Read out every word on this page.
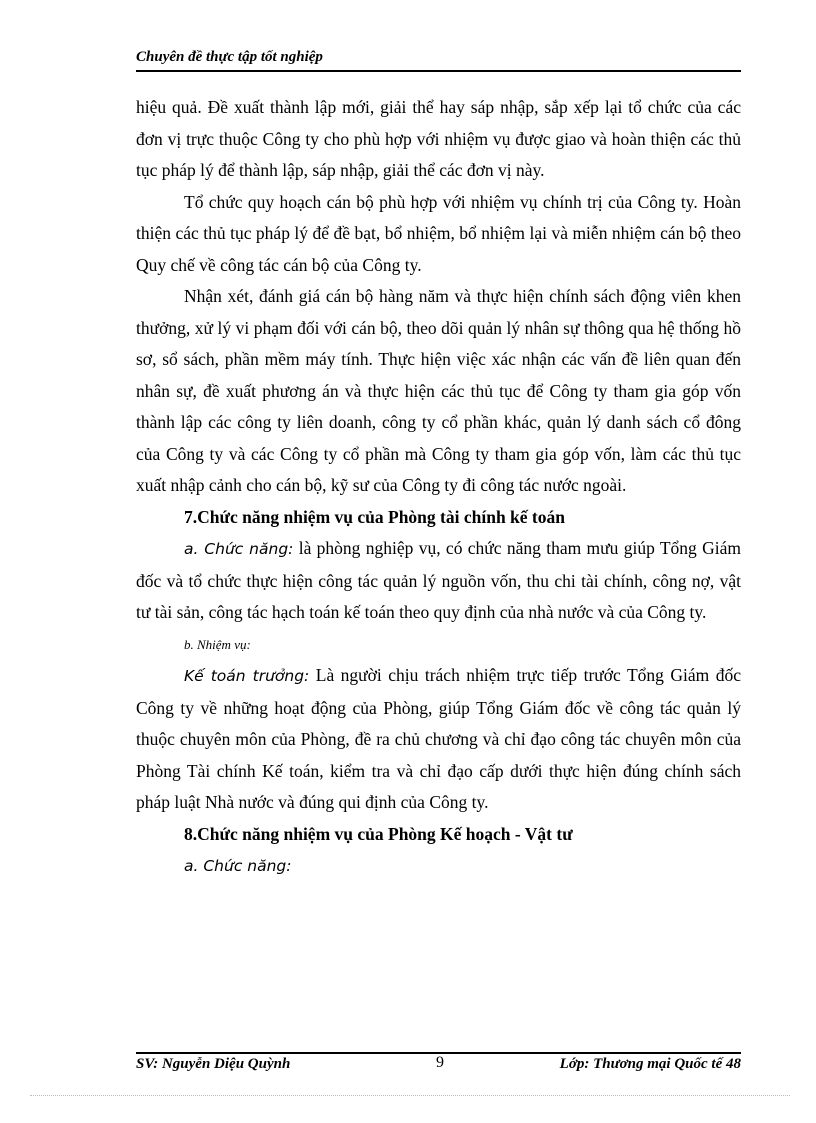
Chuyên đề thực tập tốt nghiệp

hiệu quả. Đề xuất thành lập mới, giải thể hay sáp nhập, sắp xếp lại tổ chức của các đơn vị trực thuộc Công ty cho phù hợp với nhiệm vụ được giao và hoàn thiện các thủ tục pháp lý để thành lập, sáp nhập, giải thể các đơn vị này.

Tổ chức quy hoạch cán bộ phù hợp với nhiệm vụ chính trị của Công ty. Hoàn thiện các thủ tục pháp lý để đề bạt, bổ nhiệm, bổ nhiệm lại và miễn nhiệm cán bộ theo Quy chế về công tác cán bộ của Công ty.

Nhận xét, đánh giá cán bộ hàng năm và thực hiện chính sách động viên khen thưởng, xử lý vi phạm đối với cán bộ, theo dõi quản lý nhân sự thông qua hệ thống hồ sơ, sổ sách, phần mềm máy tính. Thực hiện việc xác nhận các vấn đề liên quan đến nhân sự, đề xuất phương án và thực hiện các thủ tục để Công ty tham gia góp vốn thành lập các công ty liên doanh, công ty cổ phần khác, quản lý danh sách cổ đông của Công ty và các Công ty cổ phần mà Công ty tham gia góp vốn, làm các thủ tục xuất nhập cảnh cho cán bộ, kỹ sư của Công ty đi công tác nước ngoài.

7.Chức năng nhiệm vụ của Phòng tài chính kế toán

a. Chức năng: là phòng nghiệp vụ, có chức năng tham mưu giúp Tổng Giám đốc và tổ chức thực hiện công tác quản lý nguồn vốn, thu chi tài chính, công nợ, vật tư tài sản, công tác hạch toán kế toán theo quy định của nhà nước và của Công ty.

b. Nhiệm vụ:

Kế toán trưởng: Là người chịu trách nhiệm trực tiếp trước Tổng Giám đốc Công ty về những hoạt động của Phòng, giúp Tổng Giám đốc về công tác quản lý thuộc chuyên môn của Phòng, đề ra chủ chương và chỉ đạo công tác chuyên môn của Phòng Tài chính Kế toán, kiểm tra và chỉ đạo cấp dưới thực hiện đúng chính sách pháp luật Nhà nước và đúng qui định của Công ty.

8.Chức năng nhiệm vụ của Phòng Kế hoạch - Vật tư

a. Chức năng:

SV: Nguyễn Diệu Quỳnh	9	Lớp: Thương mại Quốc tế 48
